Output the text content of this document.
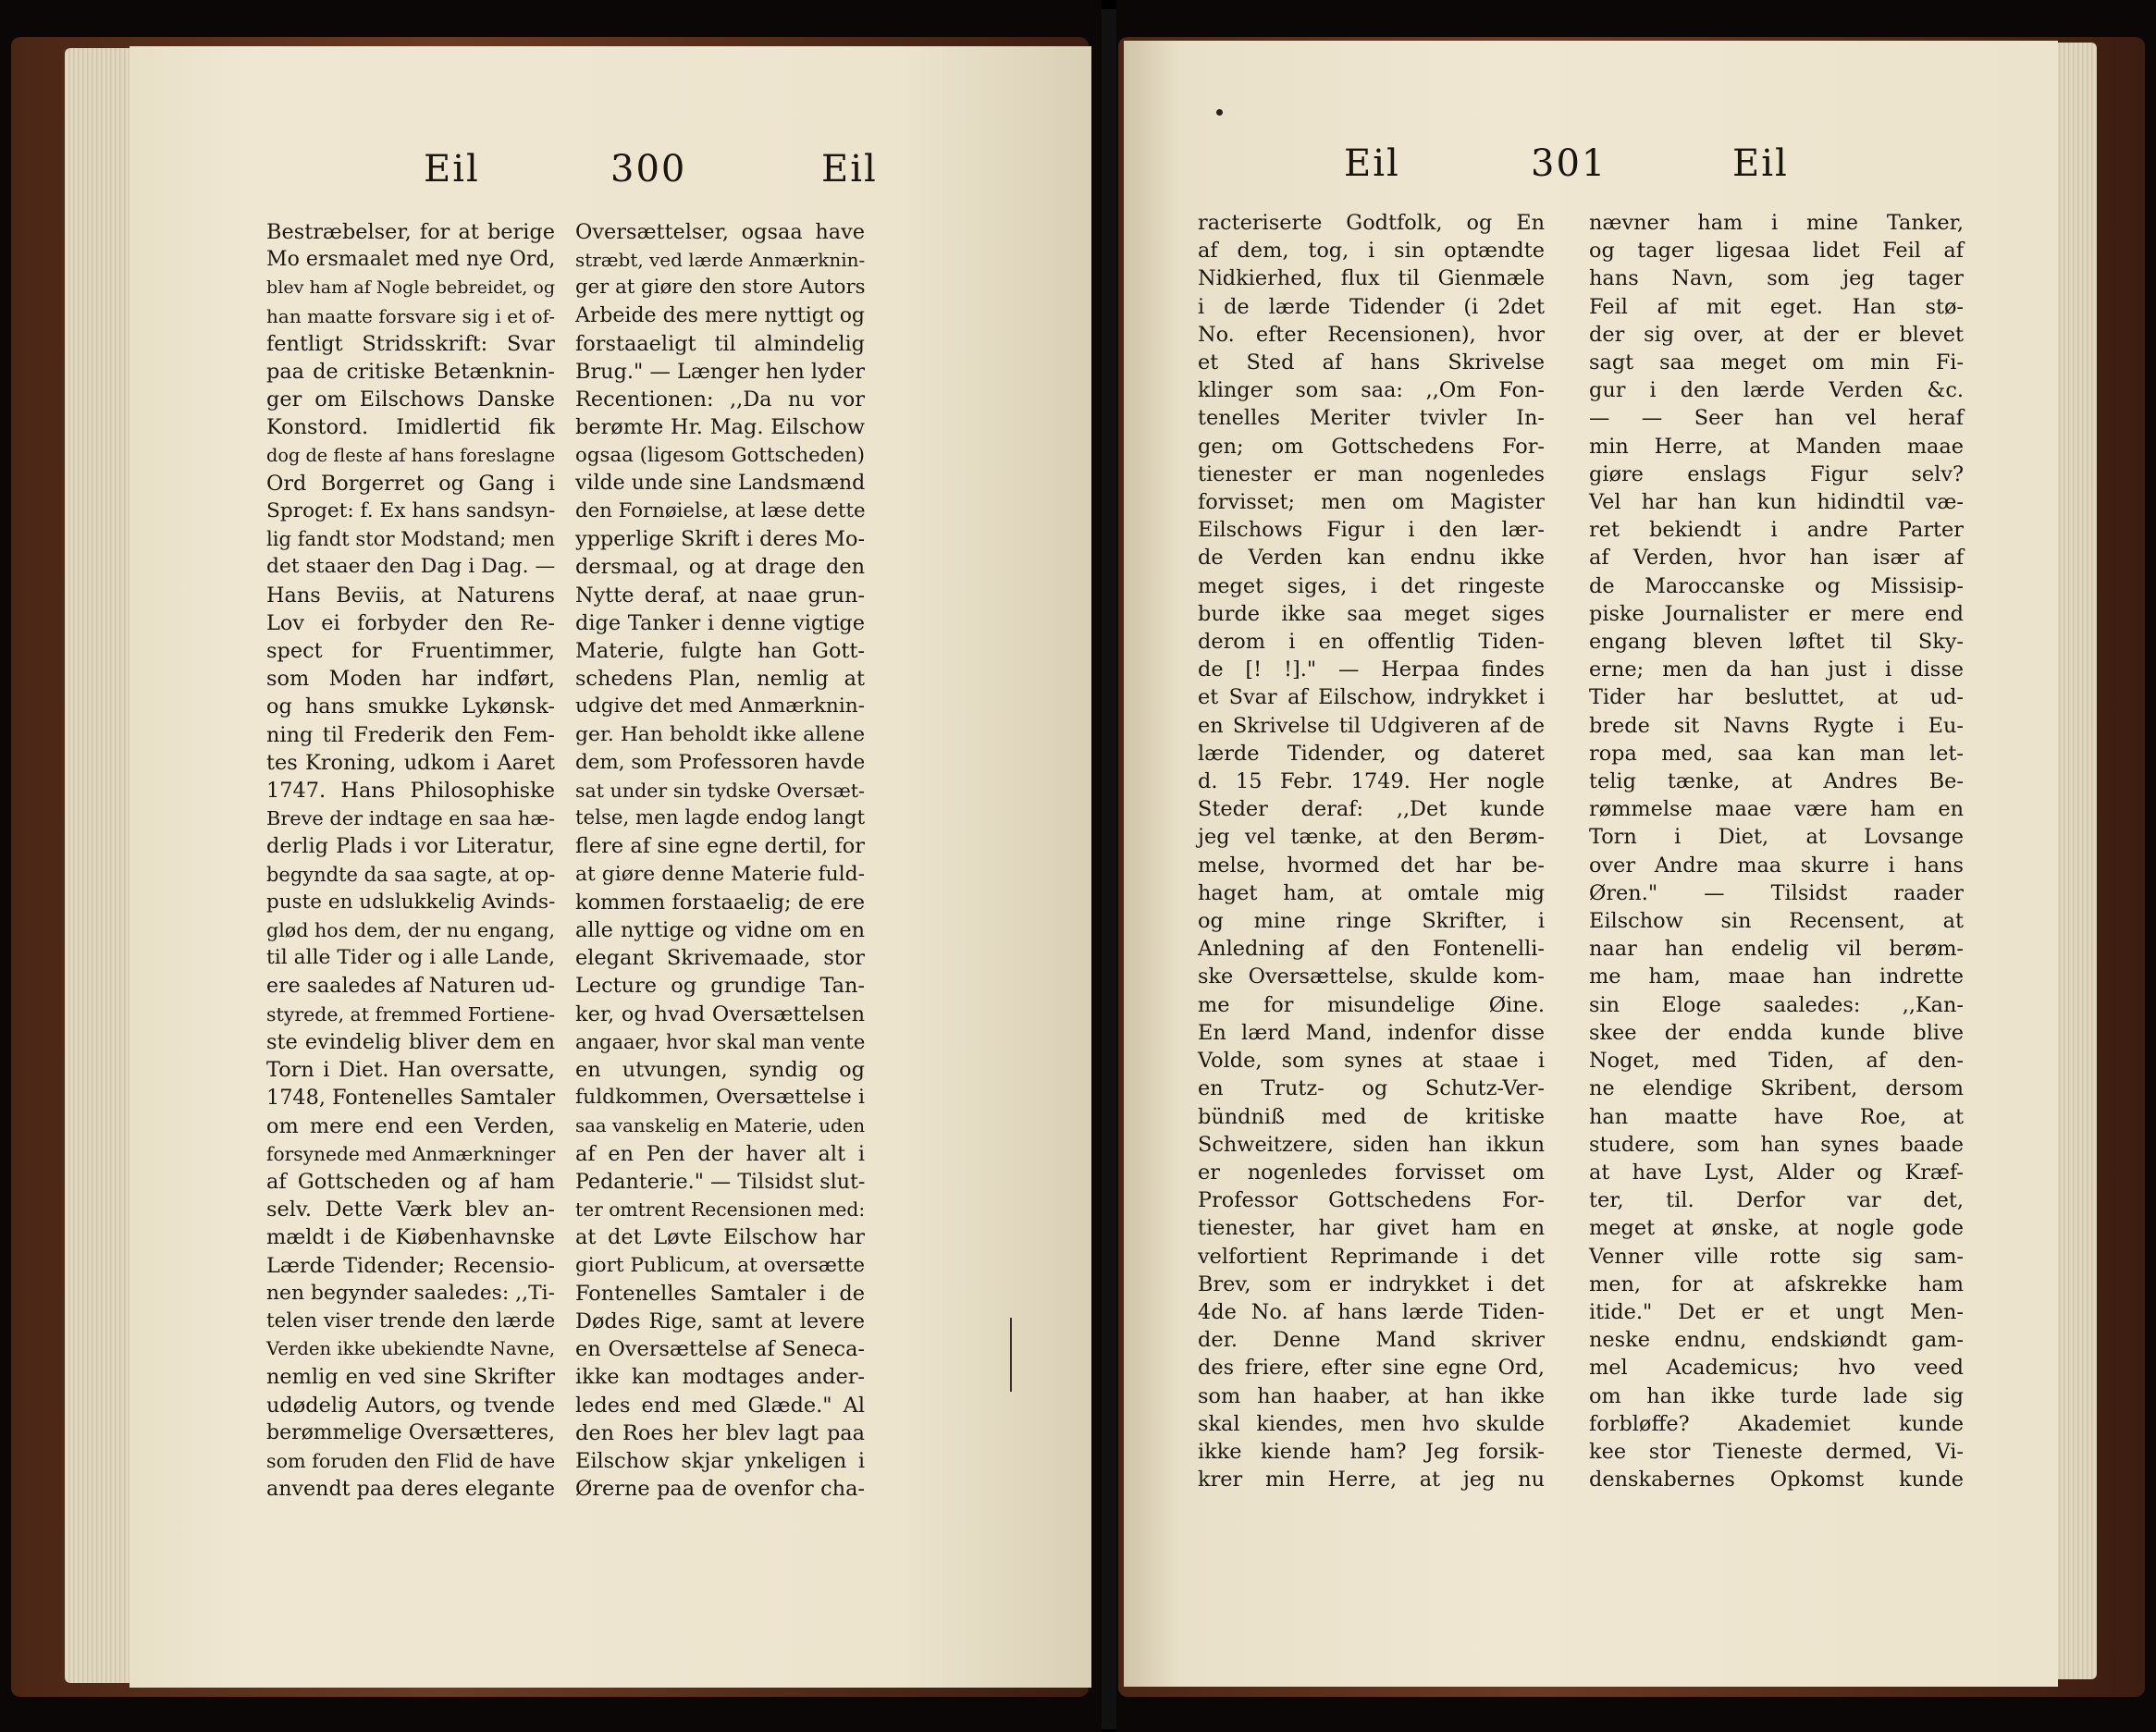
Eil	300	Eil
Bestræbelser, for at berige
Mo ersmaalet med nye Ord,
blev ham af Nogle bebreidet, og
han maatte forsvare sig i et of-
fentligt Stridsskrift: Svar
paa de critiske Betænknin-
ger om Eilschows Danske
Konstord. Imidlertid fik
dog de fleste af hans foreslagne
Ord Borgerret og Gang i
Sproget: f. Ex hans sandsyn-
lig fandt stor Modstand; men
det staaer den Dag i Dag. —
Hans Beviis, at Naturens
Lov ei forbyder den Re-
spect for Fruentimmer,
som Moden har indført,
og hans smukke Lykønsk-
ning til Frederik den Fem-
tes Kroning, udkom i Aaret
1747. Hans Philosophiske
Breve der indtage en saa hæ-
derlig Plads i vor Literatur,
begyndte da saa sagte, at op-
puste en udslukkelig Avinds-
glød hos dem, der nu engang,
til alle Tider og i alle Lande,
ere saaledes af Naturen ud-
styrede, at fremmed Fortiene-
ste evindelig bliver dem en
Torn i Diet. Han oversatte,
1748, Fontenelles Samtaler
om mere end een Verden,
forsynede med Anmærkninger
af Gottscheden og af ham
selv. Dette Værk blev an-
mældt i de Kiøbenhavnske
Lærde Tidender; Recensio-
nen begynder saaledes: ,,Ti-
telen viser trende den lærde
Verden ikke ubekiendte Navne,
nemlig en ved sine Skrifter
udødelig Autors, og tvende
berømmelige Oversætteres,
som foruden den Flid de have
anvendt paa deres elegante
Oversættelser, ogsaa have
stræbt, ved lærde Anmærknin-
ger at giøre den store Autors
Arbeide des mere nyttigt og
forstaaeligt til almindelig
Brug." — Længer hen lyder
Recentionen: ,,Da nu vor
berømte Hr. Mag. Eilschow
ogsaa (ligesom Gottscheden)
vilde unde sine Landsmænd
den Fornøielse, at læse dette
ypperlige Skrift i deres Mo-
dersmaal, og at drage den
Nytte deraf, at naae grun-
dige Tanker i denne vigtige
Materie, fulgte han Gott-
schedens Plan, nemlig at
udgive det med Anmærknin-
ger. Han beholdt ikke allene
dem, som Professoren havde
sat under sin tydske Oversæt-
telse, men lagde endog langt
flere af sine egne dertil, for
at giøre denne Materie fuld-
kommen forstaaelig; de ere
alle nyttige og vidne om en
elegant Skrivemaade, stor
Lecture og grundige Tan-
ker, og hvad Oversættelsen
angaaer, hvor skal man vente
en utvungen, syndig og
fuldkommen, Oversættelse i
saa vanskelig en Materie, uden
af en Pen der haver alt i
Pedanterie." — Tilsidst slut-
ter omtrent Recensionen med:
at det Løvte Eilschow har
giort Publicum, at oversætte
Fontenelles Samtaler i de
Dødes Rige, samt at levere
en Oversættelse af Seneca-
ikke kan modtages ander-
ledes end med Glæde." Al
den Roes her blev lagt paa
Eilschow skjar ynkeligen i
Ørerne paa de ovenfor cha-
Eil	301	Eil
racteriserte Godtfolk, og En
af dem, tog, i sin optændte
Nidkierhed, flux til Gienmæle
i de lærde Tidender (i 2det
No. efter Recensionen), hvor
et Sted af hans Skrivelse
klinger som saa: ,,Om Fon-
tenelles Meriter tvivler In-
gen; om Gottschedens For-
tienester er man nogenledes
forvisset; men om Magister
Eilschows Figur i den lær-
de Verden kan endnu ikke
meget siges, i det ringeste
burde ikke saa meget siges
derom i en offentlig Tiden-
de [! !]." — Herpaa findes
et Svar af Eilschow, indrykket i
en Skrivelse til Udgiveren af de
lærde Tidender, og dateret
d. 15 Febr. 1749. Her nogle
Steder deraf: ,,Det kunde
jeg vel tænke, at den Berøm-
melse, hvormed det har be-
haget ham, at omtale mig
og mine ringe Skrifter, i
Anledning af den Fontenelli-
ske Oversættelse, skulde kom-
me for misundelige Øine.
En lærd Mand, indenfor disse
Volde, som synes at staae i
en Trutz- og Schutz-Ver-
bündniß med de kritiske
Schweitzere, siden han ikkun
er nogenledes forvisset om
Professor Gottschedens For-
tienester, har givet ham en
velfortient Reprimande i det
Brev, som er indrykket i det
4de No. af hans lærde Tiden-
der. Denne Mand skriver
des friere, efter sine egne Ord,
som han haaber, at han ikke
skal kiendes, men hvo skulde
ikke kiende ham? Jeg forsik-
krer min Herre, at jeg nu
nævner ham i mine Tanker,
og tager ligesaa lidet Feil af
hans Navn, som jeg tager
Feil af mit eget. Han stø-
der sig over, at der er blevet
sagt saa meget om min Fi-
gur i den lærde Verden &c.
— — Seer han vel heraf
min Herre, at Manden maae
giøre enslags Figur selv?
Vel har han kun hidindtil væ-
ret bekiendt i andre Parter
af Verden, hvor han især af
de Maroccanske og Missisip-
piske Journalister er mere end
engang bleven løftet til Sky-
erne; men da han just i disse
Tider har besluttet, at ud-
brede sit Navns Rygte i Eu-
ropa med, saa kan man let-
telig tænke, at Andres Be-
rømmelse maae være ham en
Torn i Diet, at Lovsange
over Andre maa skurre i hans
Øren." — Tilsidst raader
Eilschow sin Recensent, at
naar han endelig vil berøm-
me ham, maae han indrette
sin Eloge saaledes: ,,Kan-
skee der endda kunde blive
Noget, med Tiden, af den-
ne elendige Skribent, dersom
han maatte have Roe, at
studere, som han synes baade
at have Lyst, Alder og Kræf-
ter, til. Derfor var det,
meget at ønske, at nogle gode
Venner ville rotte sig sam-
men, for at afskrekke ham
itide." Det er et ungt Men-
neske endnu, endskiøndt gam-
mel Academicus; hvo veed
om han ikke turde lade sig
forbløffe? Akademiet kunde
kee stor Tieneste dermed, Vi-
denskabernes Opkomst kunde
